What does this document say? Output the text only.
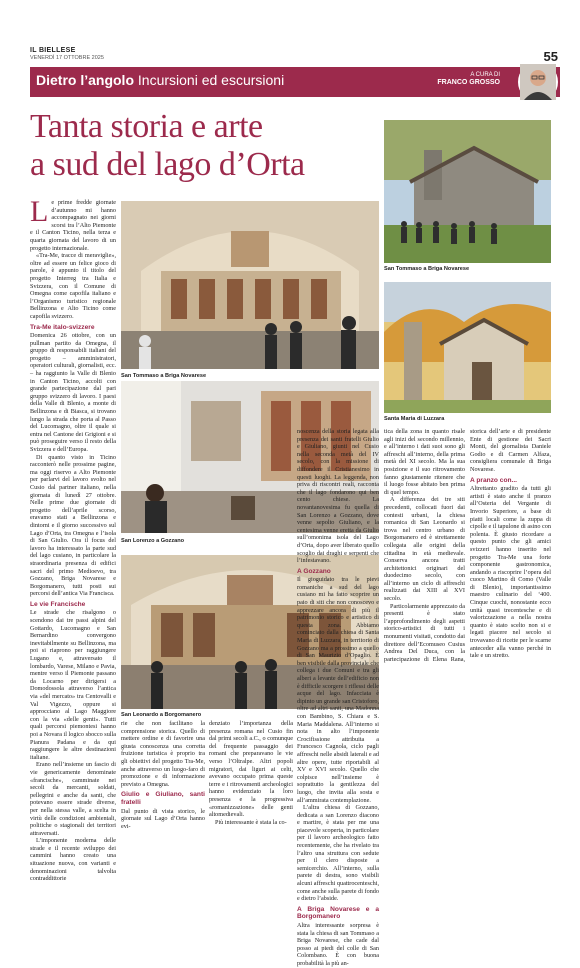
IL BIELLESE
VENERDÌ 17 OTTOBRE 2025	55
Dietro l’angolo Incursioni ed escursioni	A CURA DI
FRANCO GROSSO
Tanta storia e arte
a sud del lago d’Orta
San Tommaso a Briga Novarese
San Tommaso a Briga Novarese
Santa Maria di Luzzara
San Lorenzo a Gozzano
San Leonardo a Borgomanero

Le prime fredde giornate d’autunno mi hanno accompagnato nei giorni scorsi tra l’Alto Piemonte e il Canton Ticino, nella terza e quarta giornata del lavoro di un progetto internazionale.

«Tra-Me, tracce di meraviglie», oltre ad essere un felice gioco di parole, è appunto il titolo del progetto Interreg tra Italia e Svizzera, con il Comune di Omegna come capofila italiano e l’Organismo turistico regionale Bellinzona e Alto Ticino come capofila svizzero.

Tra-Me italo-svizzere

Domenica 26 ottobre, con un pullman partito da Omegna, il gruppo di responsabili italiani del progetto – amministratori, operatori culturali, giornalisti, ecc. – ha raggiunto la Valle di Blenio in Canton Ticino, accolti con grande partecipazione dal pari gruppo svizzero di lavoro. I paesi della Valle di Blenio, a monte di Bellinzona e di Biasca, si trovano lungo la strada che porta al Passo del Lucomagno, oltre il quale si entra nel Cantone dei Grigioni e si può proseguire verso il resto della Svizzera e dell’Europa.

Di quanto visto in Ticino racconterò nelle prossime pagine, ma oggi riservo a Alto Piemonte per parlarvi del lavoro svolto nel Cusio dal partner italiano, nella giornata di lunedì 27 ottobre. Nelle prime due giornate di progetto dell’aprile scorso, eravamo stati a Bellinzona e dintorni e il giorno successivo sul Lago d’Orta, tra Omegna e l’isola di San Giulio. Ora il focus del lavoro ha interessato la parte sud del lago cusiano, in particolare la straordinaria presenza di edifici sacri del primo Medioevo, tra Gozzano, Briga Novarese e Borgomanero, tutti posti sui percorsi dell’antica Via Francisca.

Le vie Francische

Le strade che risalgono o scendono dai tre passi alpini del Gottardo, Lucomagno e San Bernardino convergono inevitabilmente su Bellinzona, ma poi si riaprono per raggiungere Lugano e, attraversato il lombardo, Varese, Milano e Pavia, mentre verso il Piemonte passano da Locarno per dirigersi a Domodossola attraverso l’antica via «del mercato» tra Centovalli e Val Vigezzo, oppure si approcciano al Lago Maggiore con la via «delle genti». Tutti quali percorsi piemontesi hanno poi a Novara il logico sbocco sulla Pianura Padana e da qui raggiungere le altre destinazioni italiane.

Erano nell’insieme un fascio di vie genericamente denominate «francische», camminate nei secoli da mercanti, soldati, pellegrini e anche da santi, che potevano essere strade diverse, per nella stessa valle, a scelta in virtù delle condizioni ambientali, politiche o stagionali dei territori attraversati.

L’imponente moderna delle strade e il recente sviluppo dei cammini hanno creato una situazione nuova, con varianti e denominazioni talvolta contraddittorie

rie che non facilitano la comprensione storica. Quello di mettere ordine e di favorire una giusta conoscenza una corretta fruizione turistica è proprio tra gli obiettivi del progetto Tra-Me, anche attraverso un luogo-faro di promozione e di informazione previsto a Omegna.

Giulio e Giuliano, santi fratelli

Dal punto di vista storico, le giornate sul Lago d’Orta hanno evi-

denziato l’importanza della presenza romana nel Cusio fin dal primi secoli a.C., o comunque del frequente passaggio dei romani che preparavano le vie verso l’Oltralpe. Altri popoli migratori, dai liguri ai celti, avevano occupato prima queste terre e i ritrovamenti archeologici hanno evidenziato la loro presenza e la progressiva «romanizzazione» delle genti altomedievali.

Più interessante è stata la co-

noscenza della storia legata alla presenza dei santi fratelli Giulio e Giuliano, giunti nel Cusio nella seconda metà del IV secolo, con la missione di diffondere il Cristianesimo in questi luoghi. La leggenda, non priva di riscontri reali, racconta che il lago fondarono qui ben cento chiese. La novantanovesima fu quella di San Lorenzo a Gozzano, dove venne sepolto Giuliano, e la centesima venne eretta da Giulio sull’omonima isola del Lago d’Orta, dopo aver liberato quello scoglio dai draghi e serpenti che l’infestavano.

A Gozzano

Il gioguidato tra le pievi romaniche a sud del lago cusiano mi ha fatto scoprire un paio di siti che non conoscevo e apprezzare ancora di più il patrimonio storico e artistico di questa zona. Abbiamo cominciato dalla chiesa di Santa Maria di Luzzara, in territorio di Gozzano ma a prossimo a quello di San Maurizio d’Opaglio. È ben visibile dalla provinciale che collega i due Comuni e tra gli alberi a levante dell’edificio non è difficile scorgere i riflessi delle acque del lago. Infacciata è dipinto un grande san Cristoforo, oltre ad altri santi, una Madonna con Bambino, S. Chiara e S. Maria Maddalena. All’interno si nota in alto l’imponente Crocifissione attribuita a Francesco Cagnola, ciclo pagli affreschi nelle absidi laterali e ad altre opere, tutte riportabili al XV e XVI secolo. Quello che colpisce nell’insieme è soprattutto la gentilezza del luogo, che invita alla sosta e all’ammirata contemplazione.

L’altra chiesa di Gozzano, dedicata a san Lorenzo diacono e martire, è stata per me una piacevole scoperta, in particolare per il lavoro archeologico fatto recentemente, che ha rivelato tra l’altro una struttura con sedute per il clero disposte a semicerchio. All’interno, sulla parete di destra, sono visibili alcuni affreschi quattrocenteschi, come anche sulla parete di fondo e dietro l’abside.

A Briga Novarese e a Borgomanero

Altra interessante sorpresa è stata la chiesa di san Tommaso a Briga Novarese, che cade dal posso ai piedi del colle di San Colombano. È con buona probabilità la più an-

tica della zona in quanto risale agli inizi del secondo millennio, e all’interno i dati suoi sono gli affreschi all’interno, della prima metà del XI secolo. Ma la sua posizione e il suo ritrovamento fanno giustamente ritenere che il luogo fosse abitato ben prima di quel tempo.

A differenza dei tre siti precedenti, collocati fuori dai contesti urbani, la chiesa romanica di San Leonardo si trova nel centro urbano di Borgomanero ed è strettamente collegata alle origini della cittadina in età medievale. Conserva ancora tratti architettonici originari del duodecimo secolo, con all’interno un ciclo di affreschi realizzati dai XIII al XVI secolo.

Particolarmente apprezzato da presenti è stato l’approfondimento degli aspetti storico-artistici di tutti i monumenti visitati, condotto dai direttore dell’Ecomuseo Cusius Andrea Del Duca, con la partecipazione di Elena Rana, storica dell’arte e di presidente Ente di gestione dei Sacri Monti, del giornalista Daniele Godio e di Carmen Alfaza, consigliera comunale di Briga Novarese.

A pranzo con...

Altrettanto gradito da tutti gli artisti è stato anche il pranzo all’Osteria del Vergante di Invorio Superiore, a base di piatti locali come la zuppa di cipolle e il tapulone di asino con polenta. È giusto ricordare a questo punto che gli amici svizzeri hanno inserito nel progetto Tra-Me una forte componente gastronomica, andando a riscoprire l’opera del cuoco Martino di Como (Valle di Blenio), importantissimo maestro culinario del ‘400. Cinque cuochi, nonostante ecco unità quasi trecentesche e di valorizzazione a nella nostra quanto è stato scelto non si e legati piacere nel secolo si trovavano di ricette per le scarne anteceder alla vanno perché in tale e un stretto.
